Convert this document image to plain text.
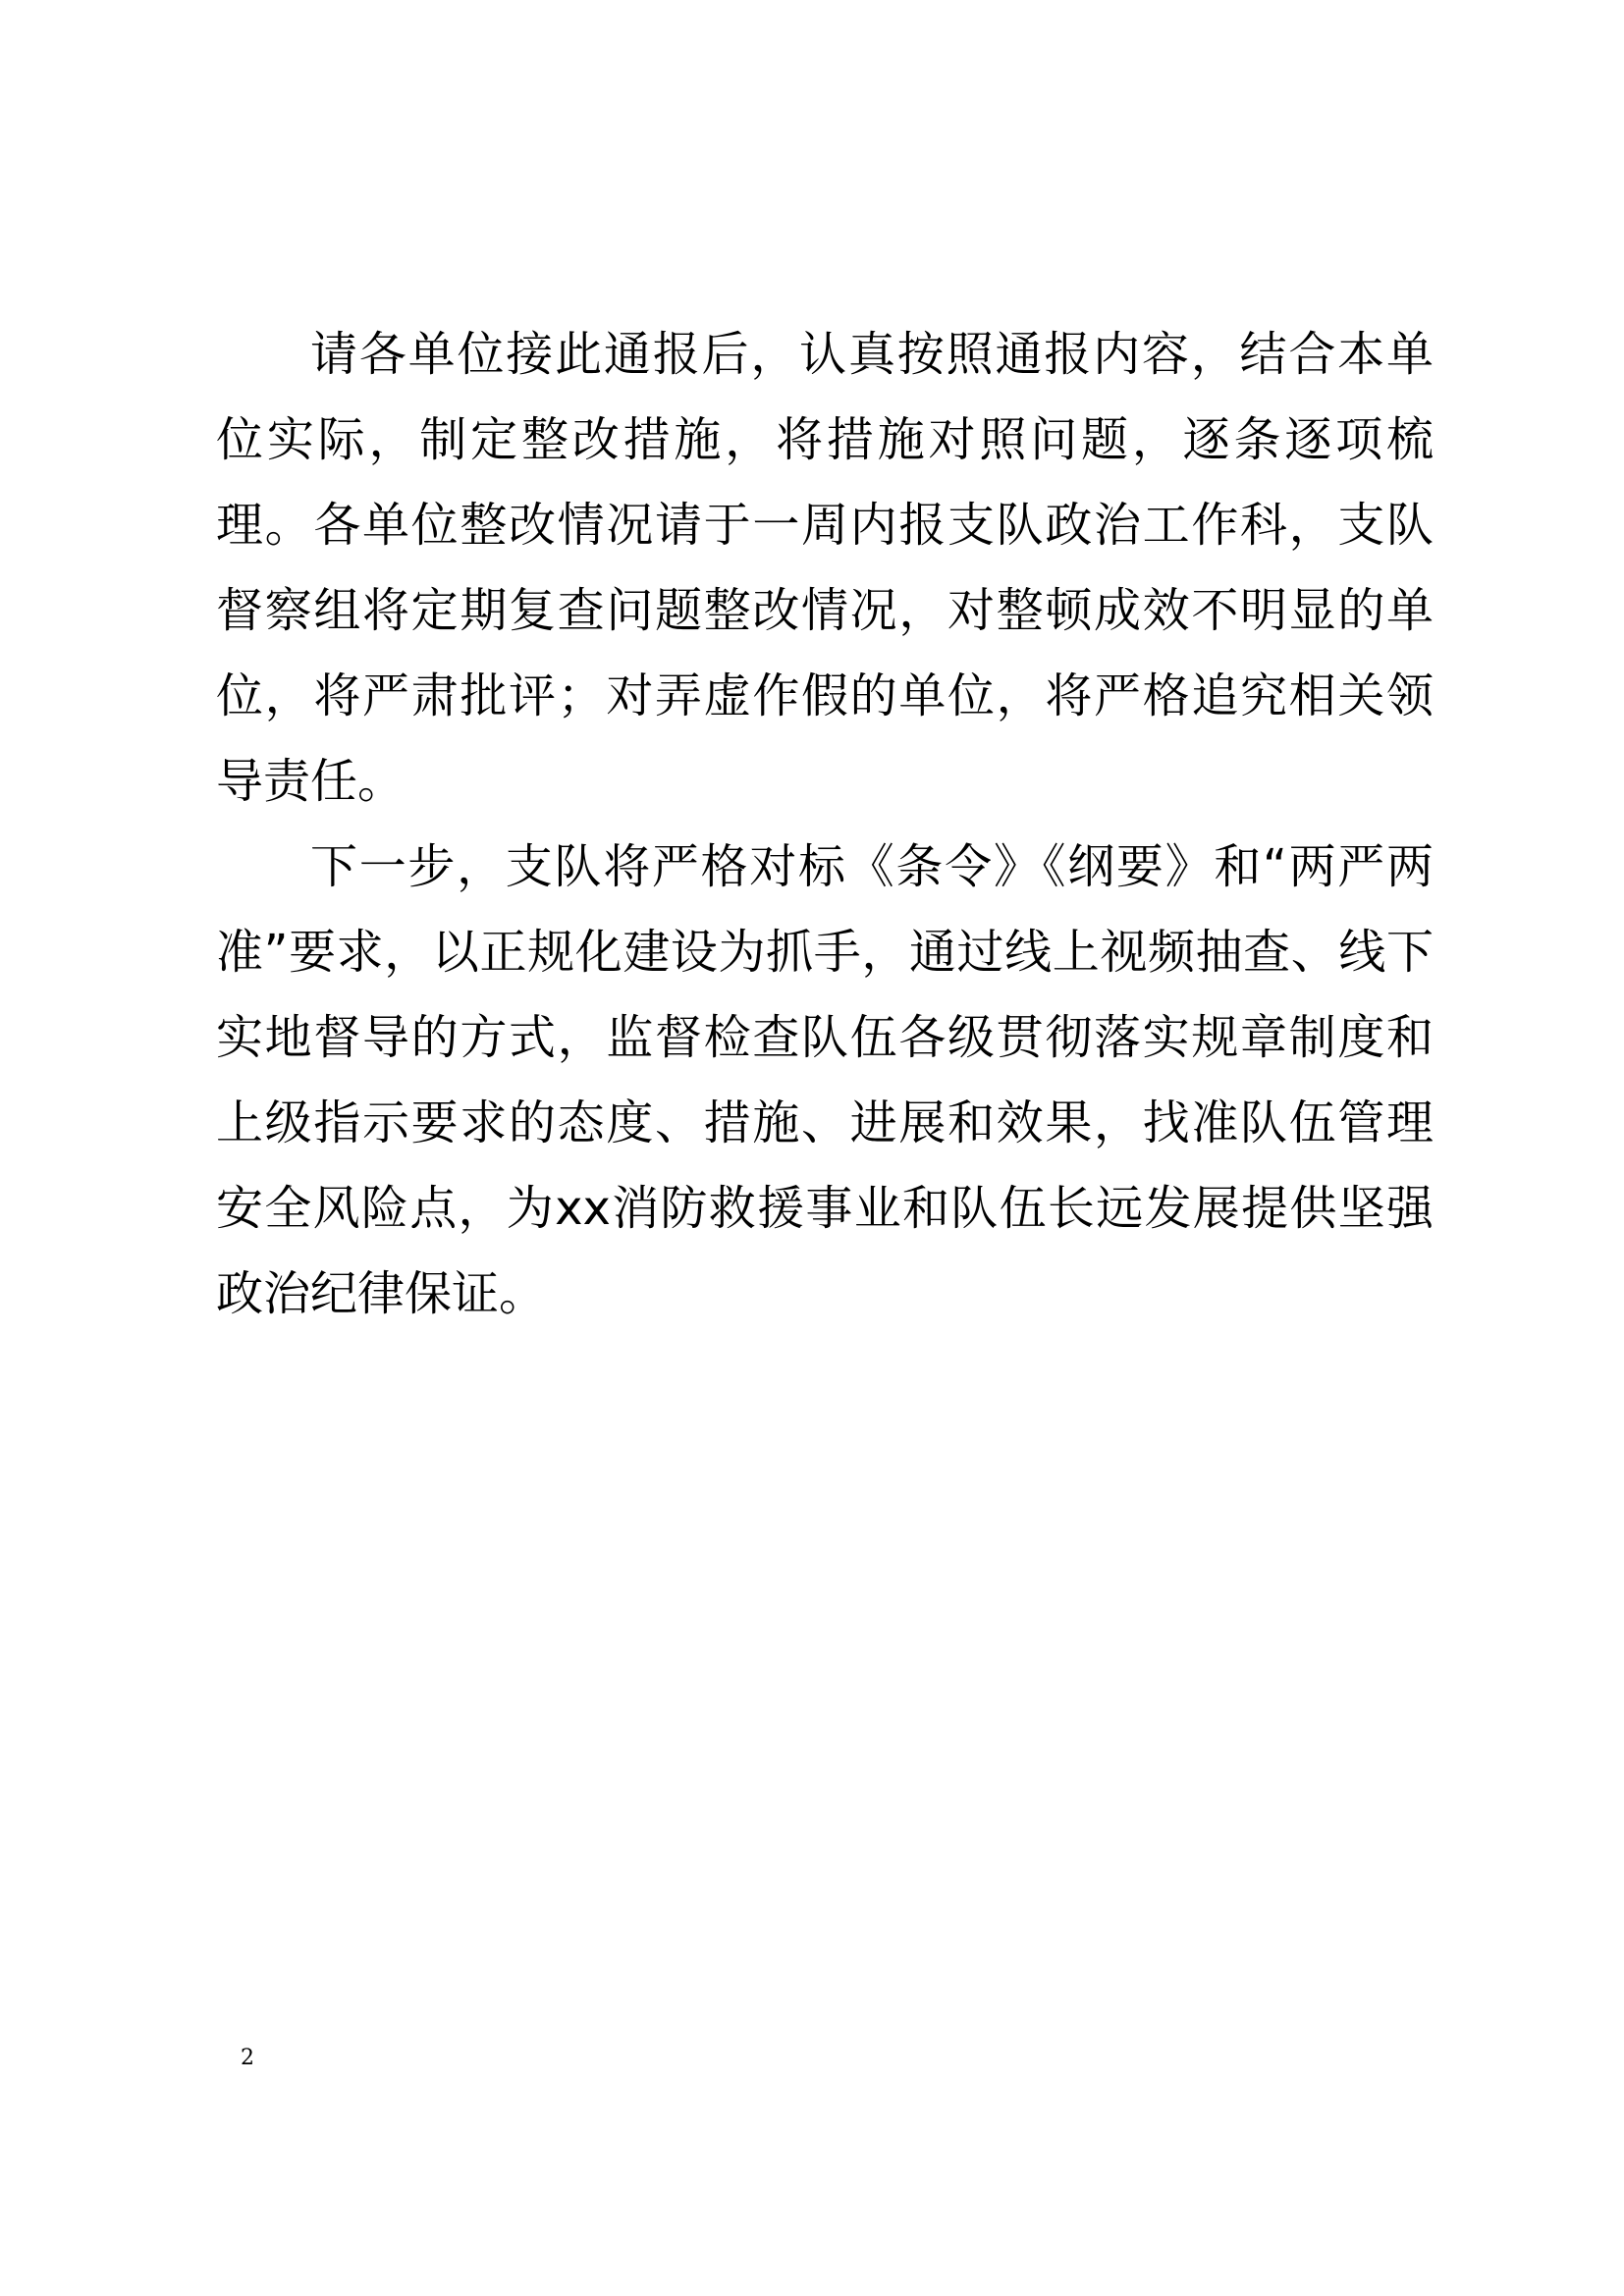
请各单位接此通报后，认真按照通报内容，结合本单位实际，制定整改措施，将措施对照问题，逐条逐项梳理。各单位整改情况请于一周内报支队政治工作科，支队督察组将定期复查问题整改情况，对整顿成效不明显的单位，将严肃批评；对弄虚作假的单位，将严格追究相关领导责任。

下一步，支队将严格对标《条令》《纲要》和“两严两准”要求，以正规化建设为抓手，通过线上视频抽查、线下实地督导的方式，监督检查队伍各级贯彻落实规章制度和上级指示要求的态度、措施、进展和效果，找准队伍管理安全风险点，为xx消防救援事业和队伍长远发展提供坚强政治纪律保证。

2
